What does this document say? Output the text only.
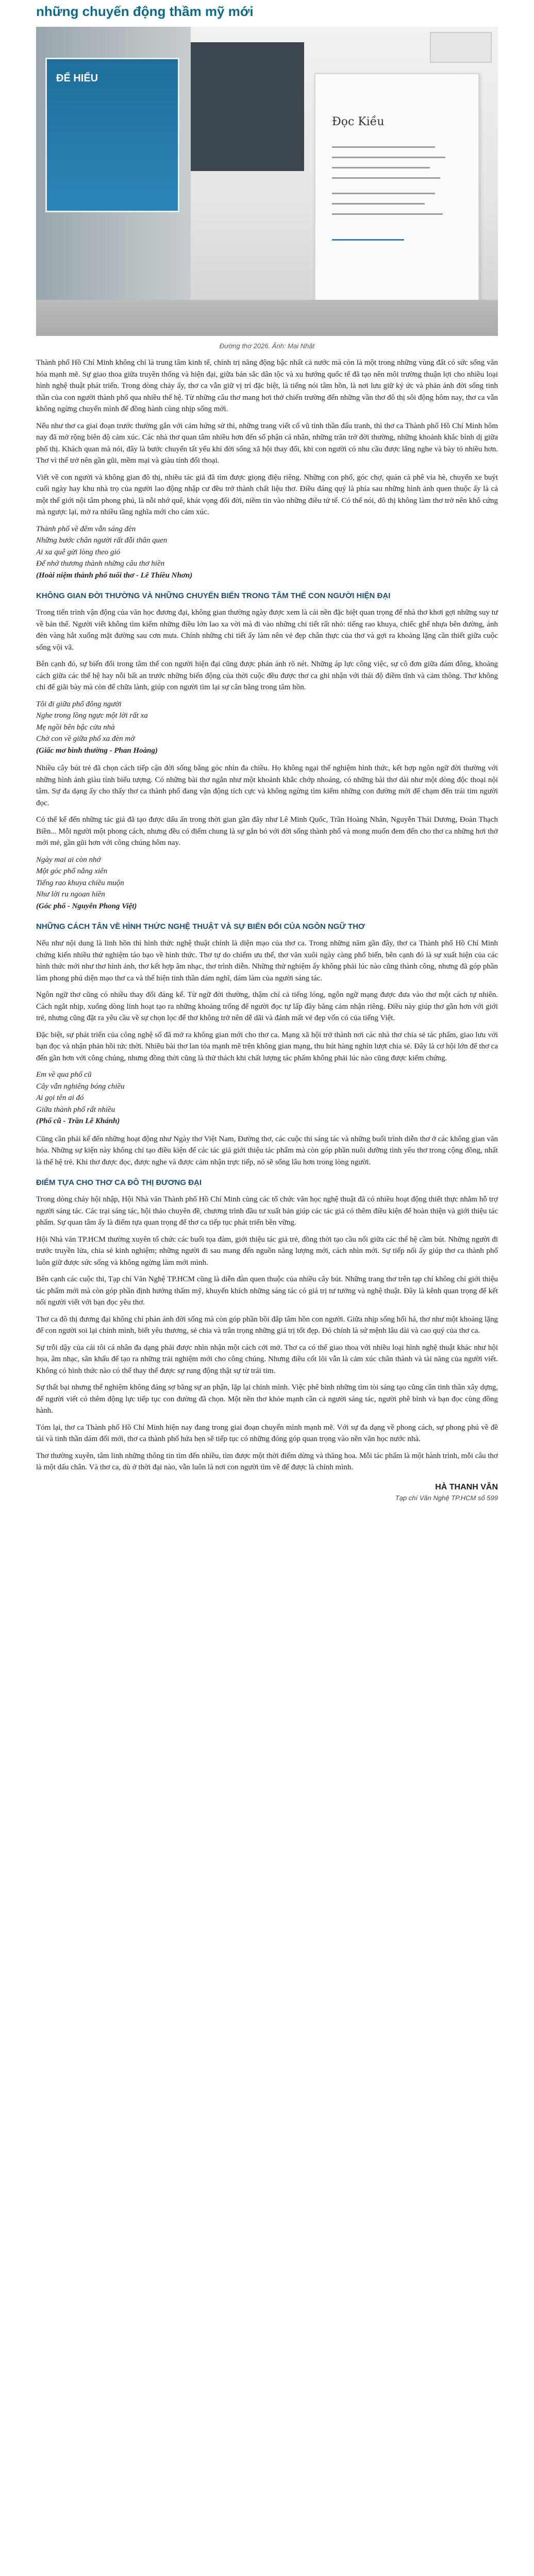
những chuyến động thầm mỹ mới
ĐỂ HIỂU
Đọc Kiều
Đường thơ 2026. Ảnh: Mai Nhật

Thành phố Hồ Chí Minh không chỉ là trung tâm kinh tế, chính trị năng động bậc nhất cả nước mà còn là một trong những vùng đất có sức sống văn hóa mạnh mẽ. Sự giao thoa giữa truyền thống và hiện đại, giữa bản sắc dân tộc và xu hướng quốc tế đã tạo nên môi trường thuận lợi cho nhiều loại hình nghệ thuật phát triển. Trong dòng chảy ấy, thơ ca vẫn giữ vị trí đặc biệt, là tiếng nói tâm hồn, là nơi lưu giữ ký ức và phản ánh đời sống tinh thần của con người thành phố qua nhiều thế hệ. Từ những câu thơ mang hơi thở chiến trường đến những vần thơ đô thị sôi động hôm nay, thơ ca vẫn không ngừng chuyển mình để đồng hành cùng nhịp sống mới.

Nếu như thơ ca giai đoạn trước thường gắn với cảm hứng sử thi, những trang viết cổ vũ tinh thần đấu tranh, thì thơ ca Thành phố Hồ Chí Minh hôm nay đã mở rộng biên độ cảm xúc. Các nhà thơ quan tâm nhiều hơn đến số phận cá nhân, những trăn trở đời thường, những khoảnh khắc bình dị giữa phố thị. Khách quan mà nói, đây là bước chuyển tất yếu khi đời sống xã hội thay đổi, khi con người có nhu cầu được lắng nghe và bày tỏ nhiều hơn. Thơ vì thế trở nên gần gũi, mềm mại và giàu tính đối thoại.

Viết về con người và không gian đô thị, nhiều tác giả đã tìm được giọng điệu riêng. Những con phố, góc chợ, quán cà phê vỉa hè, chuyến xe buýt cuối ngày hay khu nhà trọ của người lao động nhập cư đều trở thành chất liệu thơ. Điều đáng quý là phía sau những hình ảnh quen thuộc ấy là cả một thế giới nội tâm phong phú, là nỗi nhớ quê, khát vọng đổi đời, niềm tin vào những điều tử tế. Có thể nói, đô thị không làm thơ trở nên khô cứng mà ngược lại, mở ra nhiều tầng nghĩa mới cho cảm xúc.

Thành phố về đêm vẫn sáng đèn
Những bước chân người rất đỗi thân quen
Ai xa quê gửi lòng theo gió
Để nhớ thương thành những câu thơ hiền
(Hoài niệm thành phố tuổi thơ - Lê Thiều Nhơn)
KHÔNG GIAN ĐỜI THƯỜNG VÀ NHỮNG CHUYẾN BIẾN TRONG TÂM THẾ CON NGƯỜI HIỆN ĐẠI

Trong tiến trình vận động của văn học đương đại, không gian thường ngày được xem là cái nền đặc biệt quan trọng để nhà thơ khơi gợi những suy tư về bản thể. Người viết không tìm kiếm những điều lớn lao xa vời mà đi vào những chi tiết rất nhỏ: tiếng rao khuya, chiếc ghế nhựa bên đường, ánh đèn vàng hắt xuống mặt đường sau cơn mưa. Chính những chi tiết ấy làm nên vẻ đẹp chân thực của thơ và gợi ra khoảng lặng cần thiết giữa cuộc sống vội vã.

Bên cạnh đó, sự biến đổi trong tâm thế con người hiện đại cũng được phản ánh rõ nét. Những áp lực công việc, sự cô đơn giữa đám đông, khoảng cách giữa các thế hệ hay nỗi bất an trước những biến động của thời cuộc đều được thơ ca ghi nhận với thái độ điềm tĩnh và cảm thông. Thơ không chỉ để giãi bày mà còn để chữa lành, giúp con người tìm lại sự cân bằng trong tâm hồn.

Tôi đi giữa phố đông người
Nghe trong lồng ngực một lời rất xa
Mẹ ngồi bên bậc cửa nhà
Chờ con về giữa phố xa đèn mờ
(Giấc mơ bình thường - Phan Hoàng)

Nhiều cây bút trẻ đã chọn cách tiếp cận đời sống bằng góc nhìn đa chiều. Họ không ngại thể nghiệm hình thức, kết hợp ngôn ngữ đời thường với những hình ảnh giàu tính biểu tượng. Có những bài thơ ngắn như một khoảnh khắc chớp nhoáng, có những bài thơ dài như một dòng độc thoại nội tâm. Sự đa dạng ấy cho thấy thơ ca thành phố đang vận động tích cực và không ngừng tìm kiếm những con đường mới để chạm đến trái tim người đọc.

Có thể kể đến những tác giả đã tạo được dấu ấn trong thời gian gần đây như Lê Minh Quốc, Trần Hoàng Nhân, Nguyễn Thái Dương, Đoàn Thạch Biền... Mỗi người một phong cách, nhưng đều có điểm chung là sự gắn bó với đời sống thành phố và mong muốn đem đến cho thơ ca những hơi thở mới mẻ, gần gũi hơn với công chúng hôm nay.

Ngày mai ai còn nhớ
Một góc phố nắng xiên
Tiếng rao khuya chiều muộn
Như lời ru ngoan hiền
(Góc phố - Nguyễn Phong Việt)
NHỮNG CÁCH TÂN VỀ HÌNH THỨC NGHỆ THUẬT VÀ SỰ BIẾN ĐỔI CỦA NGÔN NGỮ THƠ

Nếu như nội dung là linh hồn thì hình thức nghệ thuật chính là diện mạo của thơ ca. Trong những năm gần đây, thơ ca Thành phố Hồ Chí Minh chứng kiến nhiều thử nghiệm táo bạo về hình thức. Thơ tự do chiếm ưu thế, thơ văn xuôi ngày càng phổ biến, bên cạnh đó là sự xuất hiện của các hình thức mới như thơ hình ảnh, thơ kết hợp âm nhạc, thơ trình diễn. Những thử nghiệm ấy không phải lúc nào cũng thành công, nhưng đã góp phần làm phong phú diện mạo thơ ca và thể hiện tinh thần dám nghĩ, dám làm của người sáng tác.

Ngôn ngữ thơ cũng có nhiều thay đổi đáng kể. Từ ngữ đời thường, thậm chí cả tiếng lóng, ngôn ngữ mạng được đưa vào thơ một cách tự nhiên. Cách ngắt nhịp, xuống dòng linh hoạt tạo ra những khoảng trống để người đọc tự lấp đầy bằng cảm nhận riêng. Điều này giúp thơ gần hơn với giới trẻ, nhưng cũng đặt ra yêu cầu về sự chọn lọc để thơ không trở nên dễ dãi và đánh mất vẻ đẹp vốn có của tiếng Việt.

Đặc biệt, sự phát triển của công nghệ số đã mở ra không gian mới cho thơ ca. Mạng xã hội trở thành nơi các nhà thơ chia sẻ tác phẩm, giao lưu với bạn đọc và nhận phản hồi tức thời. Nhiều bài thơ lan tỏa mạnh mẽ trên không gian mạng, thu hút hàng nghìn lượt chia sẻ. Đây là cơ hội lớn để thơ ca đến gần hơn với công chúng, nhưng đồng thời cũng là thử thách khi chất lượng tác phẩm không phải lúc nào cũng được kiểm chứng.

Em về qua phố cũ
Cây vẫn nghiêng bóng chiều
Ai gọi tên ai đó
Giữa thành phố rất nhiều
(Phố cũ - Trần Lê Khánh)

Cũng cần phải kể đến những hoạt động như Ngày thơ Việt Nam, Đường thơ, các cuộc thi sáng tác và những buổi trình diễn thơ ở các không gian văn hóa. Những sự kiện này không chỉ tạo điều kiện để các tác giả giới thiệu tác phẩm mà còn góp phần nuôi dưỡng tình yêu thơ trong cộng đồng, nhất là thế hệ trẻ. Khi thơ được đọc, được nghe và được cảm nhận trực tiếp, nó sẽ sống lâu hơn trong lòng người.

ĐIỂM TỰA CHO THƠ CA ĐÔ THỊ ĐƯƠNG ĐẠI

Trong dòng chảy hội nhập, Hội Nhà văn Thành phố Hồ Chí Minh cùng các tổ chức văn học nghệ thuật đã có nhiều hoạt động thiết thực nhằm hỗ trợ người sáng tác. Các trại sáng tác, hội thảo chuyên đề, chương trình đầu tư xuất bản giúp các tác giả có thêm điều kiện để hoàn thiện và giới thiệu tác phẩm. Sự quan tâm ấy là điểm tựa quan trọng để thơ ca tiếp tục phát triển bền vững.

Hội Nhà văn TP.HCM thường xuyên tổ chức các buổi tọa đàm, giới thiệu tác giả trẻ, đồng thời tạo cầu nối giữa các thế hệ cầm bút. Những người đi trước truyền lửa, chia sẻ kinh nghiệm; những người đi sau mang đến nguồn năng lượng mới, cách nhìn mới. Sự tiếp nối ấy giúp thơ ca thành phố luôn giữ được sức sống và không ngừng làm mới mình.

Bên cạnh các cuộc thi, Tạp chí Văn Nghệ TP.HCM cũng là diễn đàn quen thuộc của nhiều cây bút. Những trang thơ trên tạp chí không chỉ giới thiệu tác phẩm mới mà còn góp phần định hướng thẩm mỹ, khuyến khích những sáng tác có giá trị tư tưởng và nghệ thuật. Đây là kênh quan trọng để kết nối người viết với bạn đọc yêu thơ.

Thơ ca đô thị đương đại không chỉ phản ánh đời sống mà còn góp phần bồi đắp tâm hồn con người. Giữa nhịp sống hối hả, thơ như một khoảng lặng để con người soi lại chính mình, biết yêu thương, sẻ chia và trân trọng những giá trị tốt đẹp. Đó chính là sứ mệnh lâu dài và cao quý của thơ ca.

Sự trỗi dậy của cái tôi cá nhân đa dạng phải được nhìn nhận một cách cởi mở. Thơ ca có thể giao thoa với nhiều loại hình nghệ thuật khác như hội họa, âm nhạc, sân khấu để tạo ra những trải nghiệm mới cho công chúng. Nhưng điều cốt lõi vẫn là cảm xúc chân thành và tài năng của người viết. Không có hình thức nào có thể thay thế được sự rung động thật sự từ trái tim.

Sự thất bại nhưng thể nghiệm không đáng sợ bằng sự an phận, lặp lại chính mình. Việc phê bình những tìm tòi sáng tạo cũng cần tinh thần xây dựng, để người viết có thêm động lực tiếp tục con đường đã chọn. Một nền thơ khỏe mạnh cần cả người sáng tác, người phê bình và bạn đọc cùng đồng hành.

Tóm lại, thơ ca Thành phố Hồ Chí Minh hiện nay đang trong giai đoạn chuyển mình mạnh mẽ. Với sự đa dạng về phong cách, sự phong phú về đề tài và tinh thần dám đổi mới, thơ ca thành phố hứa hẹn sẽ tiếp tục có những đóng góp quan trọng vào nền văn học nước nhà.

Thơ thường xuyên, tâm linh những thông tin tìm đến nhiều, tìm được một thời điểm dừng và thăng hoa. Mỗi tác phẩm là một hành trình, mỗi câu thơ là một dấu chân. Và thơ ca, dù ở thời đại nào, vẫn luôn là nơi con người tìm về để được là chính mình.

HÀ THANH VÂN
Tạp chí Văn Nghệ TP.HCM số 599
